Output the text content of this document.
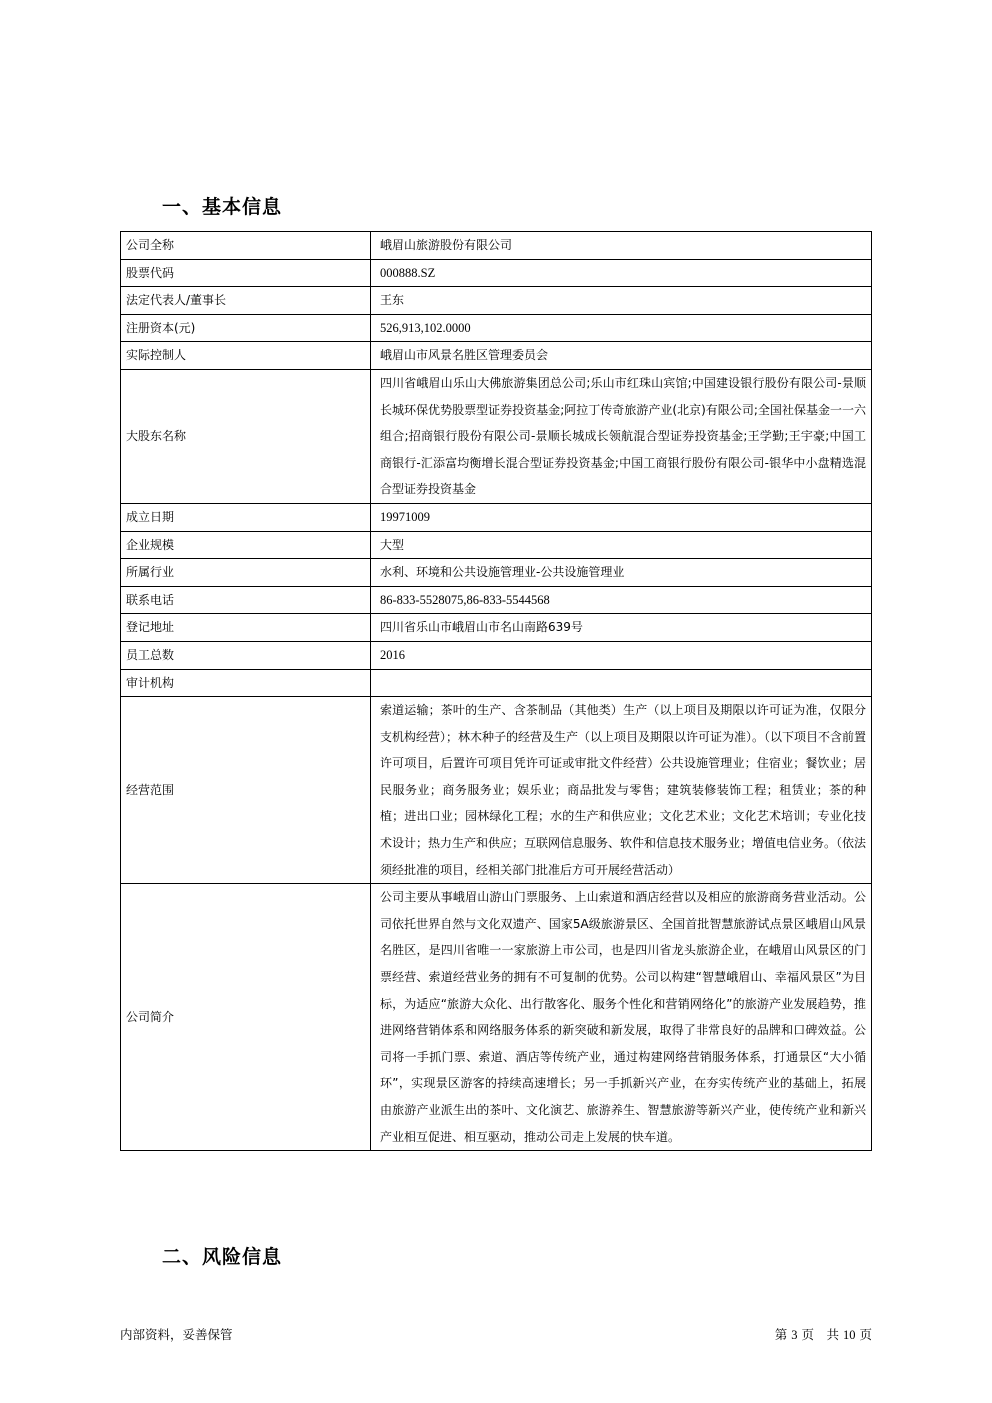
一、基本信息
公司全称	峨眉山旅游股份有限公司
股票代码	000888.SZ
法定代表人/董事长	王东
注册资本(元)	526,913,102.0000
实际控制人	峨眉山市风景名胜区管理委员会
大股东名称	四川省峨眉山乐山大佛旅游集团总公司;乐山市红珠山宾馆;中国建设银行股份有限公司-景顺长城环保优势股票型证券投资基金;阿拉丁传奇旅游产业(北京)有限公司;全国社保基金一一六组合;招商银行股份有限公司-景顺长城成长领航混合型证券投资基金;王学勤;王宇豪;中国工商银行-汇添富均衡增长混合型证券投资基金;中国工商银行股份有限公司-银华中小盘精选混合型证券投资基金
成立日期	19971009
企业规模	大型
所属行业	水利、环境和公共设施管理业-公共设施管理业
联系电话	86-833-5528075,86-833-5544568
登记地址	四川省乐山市峨眉山市名山南路639号
员工总数	2016
审计机构	
经营范围	索道运输；茶叶的生产、含茶制品（其他类）生产（以上项目及期限以许可证为准，仅限分支机构经营）；林木种子的经营及生产（以上项目及期限以许可证为准）。（以下项目不含前置许可项目，后置许可项目凭许可证或审批文件经营）公共设施管理业；住宿业；餐饮业；居民服务业；商务服务业；娱乐业；商品批发与零售；建筑装修装饰工程；租赁业；茶的种植；进出口业；园林绿化工程；水的生产和供应业；文化艺术业；文化艺术培训；专业化技术设计；热力生产和供应；互联网信息服务、软件和信息技术服务业；增值电信业务。（依法须经批准的项目，经相关部门批准后方可开展经营活动）
公司简介	公司主要从事峨眉山游山门票服务、上山索道和酒店经营以及相应的旅游商务营业活动。公司依托世界自然与文化双遗产、国家5A级旅游景区、全国首批智慧旅游试点景区峨眉山风景名胜区，是四川省唯一一家旅游上市公司，也是四川省龙头旅游企业，在峨眉山风景区的门票经营、索道经营业务的拥有不可复制的优势。公司以构建“智慧峨眉山、幸福风景区”为目标，为适应“旅游大众化、出行散客化、服务个性化和营销网络化”的旅游产业发展趋势，推进网络营销体系和网络服务体系的新突破和新发展，取得了非常良好的品牌和口碑效益。公司将一手抓门票、索道、酒店等传统产业，通过构建网络营销服务体系，打通景区“大小循环”，实现景区游客的持续高速增长；另一手抓新兴产业，在夯实传统产业的基础上，拓展由旅游产业派生出的茶叶、文化演艺、旅游养生、智慧旅游等新兴产业，使传统产业和新兴产业相互促进、相互驱动，推动公司走上发展的快车道。
二、风险信息
内部资料，妥善保管	第 3 页　共 10 页
